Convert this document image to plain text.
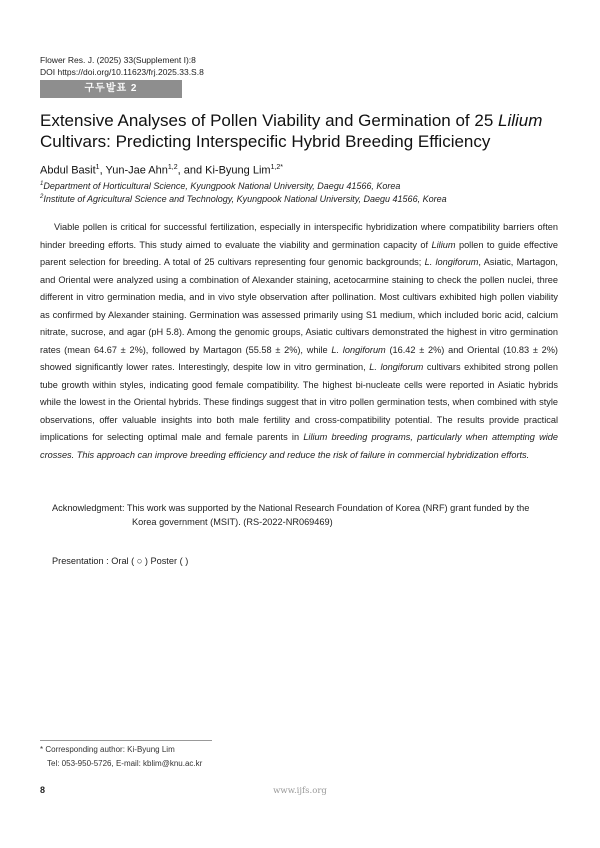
Flower Res. J. (2025) 33(Supplement I):8
DOI https://doi.org/10.11623/frj.2025.33.S.8
구두발표 2
Extensive Analyses of Pollen Viability and Germination of 25 Lilium Cultivars: Predicting Interspecific Hybrid Breeding Efficiency
Abdul Basit$^1$, Yun-Jae Ahn$^{1,2}$, and Ki-Byung Lim$^{1,2*}$
$^1$Department of Horticultural Science, Kyungpook National University, Daegu 41566, Korea
$^2$Institute of Agricultural Science and Technology, Kyungpook National University, Daegu 41566, Korea

Viable pollen is critical for successful fertilization, especially in interspecific hybridization where compatibility barriers often hinder breeding efforts. This study aimed to evaluate the viability and germination capacity of Lilium pollen to guide effective parent selection for breeding. A total of 25 cultivars representing four genomic backgrounds; L. longiforum, Asiatic, Martagon, and Oriental were analyzed using a combination of Alexander staining, acetocarmine staining to check the pollen nuclei, three different in vitro germination media, and in vivo style observation after pollination. Most cultivars exhibited high pollen viability as confirmed by Alexander staining. Germination was assessed primarily using S1 medium, which included boric acid, calcium nitrate, sucrose, and agar (pH 5.8). Among the genomic groups, Asiatic cultivars demonstrated the highest in vitro germination rates (mean 64.67 ± 2%), followed by Martagon (55.58 ± 2%), while L. longiforum (16.42 ± 2%) and Oriental (10.83 ± 2%) showed significantly lower rates. Interestingly, despite low in vitro germination, L. longiforum cultivars exhibited strong pollen tube growth within styles, indicating good female compatibility. The highest bi-nucleate cells were reported in Asiatic hybrids while the lowest in the Oriental hybrids. These findings suggest that in vitro pollen germination tests, when combined with style observations, offer valuable insights into both male fertility and cross-compatibility potential. The results provide practical implications for selecting optimal male and female parents in Lilium breeding programs, particularly when attempting wide crosses. This approach can improve breeding efficiency and reduce the risk of failure in commercial hybridization efforts.

Acknowledgment: This work was supported by the National Research Foundation of Korea (NRF) grant funded by the
Korea government (MSIT). (RS-2022-NR069469)
Presentation : Oral ( ○ ) Poster ( )
* Corresponding author: Ki-Byung Lim
Tel: 053-950-5726, E-mail: kblim@knu.ac.kr
8	www.ijfs.org
